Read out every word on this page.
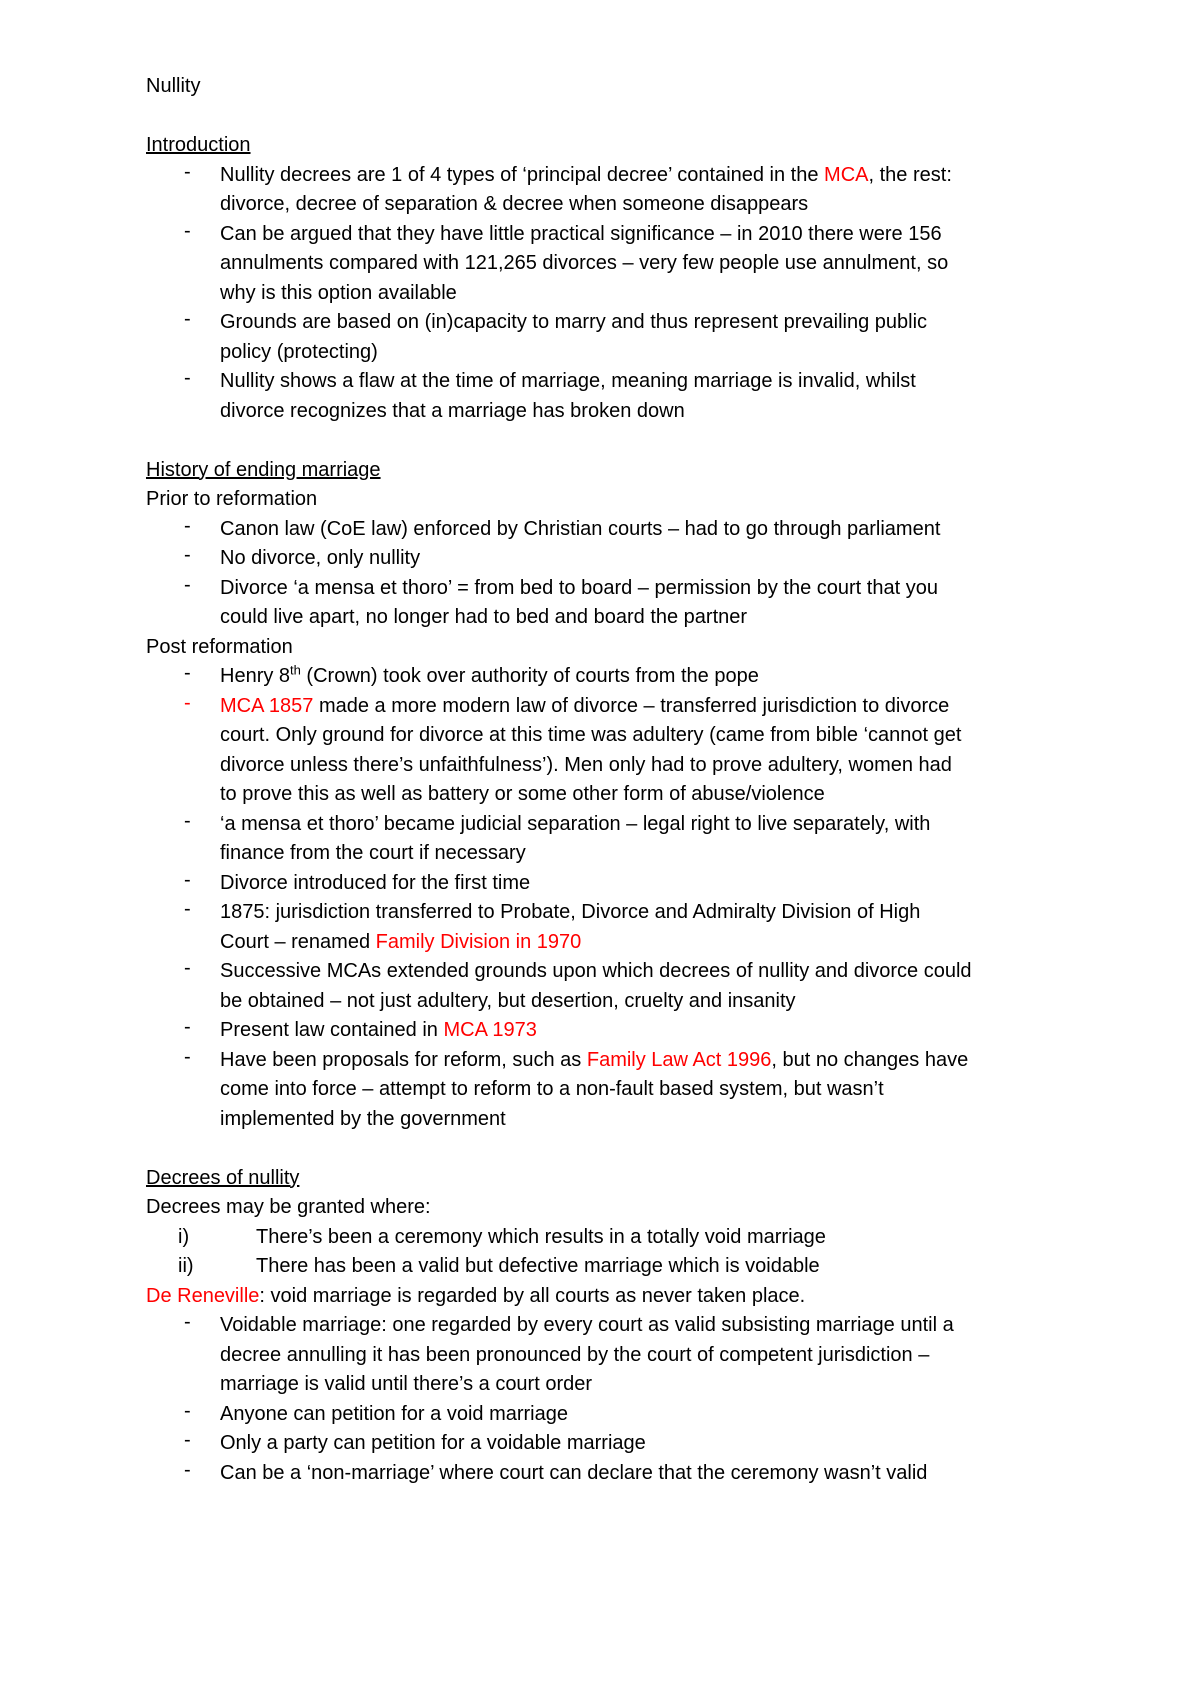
Nullity
Introduction
- Nullity decrees are 1 of 4 types of ‘principal decree’ contained in the MCA, the rest:
divorce, decree of separation & decree when someone disappears
- Can be argued that they have little practical significance – in 2010 there were 156
annulments compared with 121,265 divorces – very few people use annulment, so
why is this option available
- Grounds are based on (in)capacity to marry and thus represent prevailing public
policy (protecting)
- Nullity shows a flaw at the time of marriage, meaning marriage is invalid, whilst
divorce recognizes that a marriage has broken down
History of ending marriage
Prior to reformation
- Canon law (CoE law) enforced by Christian courts – had to go through parliament
- No divorce, only nullity
- Divorce ‘a mensa et thoro’ = from bed to board – permission by the court that you
could live apart, no longer had to bed and board the partner
Post reformation
- Henry 8th (Crown) took over authority of courts from the pope
- MCA 1857 made a more modern law of divorce – transferred jurisdiction to divorce
court. Only ground for divorce at this time was adultery (came from bible ‘cannot get
divorce unless there’s unfaithfulness’). Men only had to prove adultery, women had
to prove this as well as battery or some other form of abuse/violence
- ‘a mensa et thoro’ became judicial separation – legal right to live separately, with
finance from the court if necessary
- Divorce introduced for the first time
- 1875: jurisdiction transferred to Probate, Divorce and Admiralty Division of High
Court – renamed Family Division in 1970
- Successive MCAs extended grounds upon which decrees of nullity and divorce could
be obtained – not just adultery, but desertion, cruelty and insanity
- Present law contained in MCA 1973
- Have been proposals for reform, such as Family Law Act 1996, but no changes have
come into force – attempt to reform to a non-fault based system, but wasn’t
implemented by the government
Decrees of nullity
Decrees may be granted where:
i)	There’s been a ceremony which results in a totally void marriage
ii)	There has been a valid but defective marriage which is voidable
De Reneville: void marriage is regarded by all courts as never taken place.
- Voidable marriage: one regarded by every court as valid subsisting marriage until a
decree annulling it has been pronounced by the court of competent jurisdiction –
marriage is valid until there’s a court order
- Anyone can petition for a void marriage
- Only a party can petition for a voidable marriage
- Can be a ‘non-marriage’ where court can declare that the ceremony wasn’t valid
